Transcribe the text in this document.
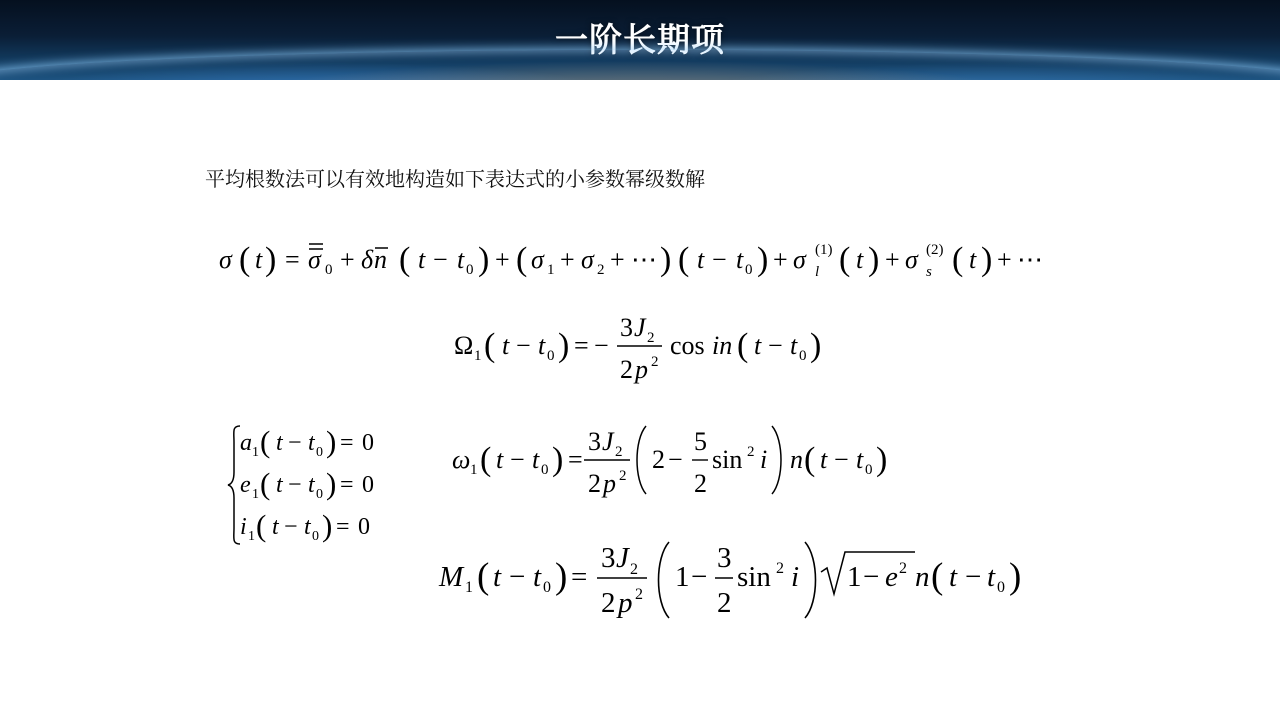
一阶长期项
平均根数法可以有效地构造如下表达式的小参数幂级数解
σ ( t ) = σ 0 + δ n ( t − t 0 ) + ( σ 1 + σ 2 + ⋯ ) ( t − t 0 ) + σ (1)
l ( t ) + σ (2)
s ( t ) + ⋯
Ω 1 ( t − t 0 ) = −
3 J 2
2 p 2
cos in ( t − t 0 )
a 1 ( t − t 0 ) = 0
e 1 ( t − t 0 ) = 0
i 1 ( t − t 0 ) = 0
ω 1 ( t − t 0 ) =
3 J 2
2 p 2
2 −
5
2
sin 2 i n ( t − t 0 )
M 1 ( t − t 0 ) =
3 J 2
2 p 2
1 −
3
2
sin 2 i 1 − e 2 n ( t − t 0 )
